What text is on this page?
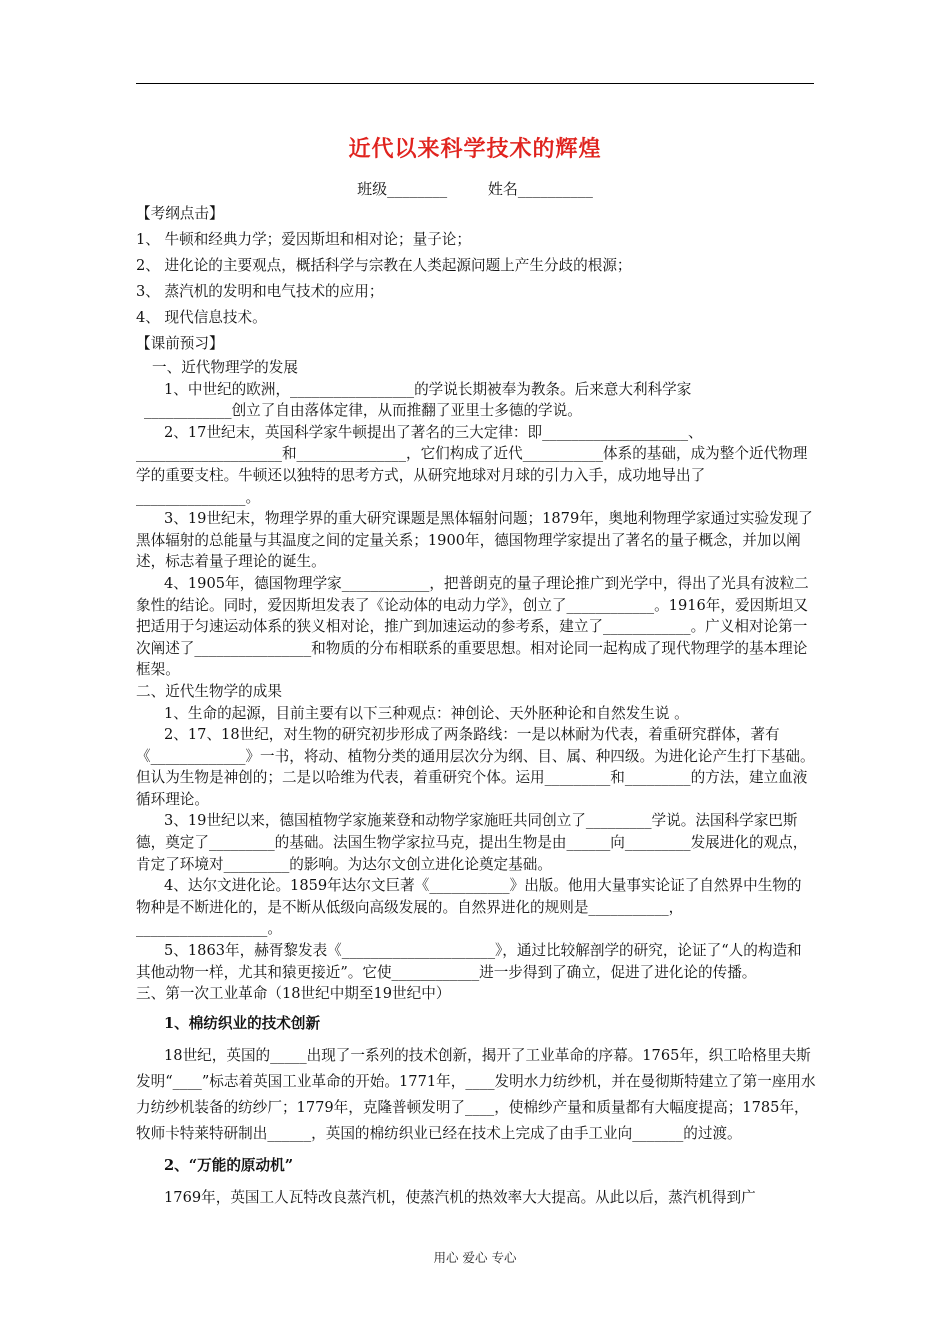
近代以来科学技术的辉煌
班级________	姓名__________

【考纲点击】

1、 牛顿和经典力学；爱因斯坦和相对论；量子论；

2、 进化论的主要观点，概括科学与宗教在人类起源问题上产生分歧的根源；

3、 蒸汽机的发明和电气技术的应用；

4、 现代信息技术。

【课前预习】

一、近代物理学的发展

1、中世纪的欧洲，_________________的学说长期被奉为教条。后来意大利科学家

____________创立了自由落体定律，从而推翻了亚里士多德的学说。

2、17世纪末，英国科学家牛顿提出了著名的三大定律：即____________________、____________________和_______________，它们构成了近代___________体系的基础，成为整个近代物理学的重要支柱。牛顿还以独特的思考方式，从研究地球对月球的引力入手，成功地导出了_______________。

3、19世纪末，物理学界的重大研究课题是黑体辐射问题；1879年，奥地利物理学家通过实验发现了黑体辐射的总能量与其温度之间的定量关系；1900年，德国物理学家提出了著名的量子概念，并加以阐述，标志着量子理论的诞生。

4、1905年，德国物理学家____________，把普朗克的量子理论推广到光学中，得出了光具有波粒二象性的结论。同时，爱因斯坦发表了《论动体的电动力学》，创立了____________。1916年，爱因斯坦又把适用于匀速运动体系的狭义相对论，推广到加速运动的参考系，建立了____________。广义相对论第一次阐述了________________和物质的分布相联系的重要思想。相对论同一起构成了现代物理学的基本理论框架。

二、近代生物学的成果

1、生命的起源，目前主要有以下三种观点：神创论、天外胚种论和自然发生说 。

2、17、18世纪，对生物的研究初步形成了两条路线：一是以林耐为代表，着重研究群体，著有《_____________》一书，将动、植物分类的通用层次分为纲、目、属、种四级。为进化论产生打下基础。但认为生物是神创的；二是以哈维为代表，着重研究个体。运用_________和_________的方法，建立血液循环理论。

3、19世纪以来，德国植物学家施莱登和动物学家施旺共同创立了_________学说。法国科学家巴斯德，奠定了_________的基础。法国生物学家拉马克，提出生物是由______向_________发展进化的观点，肯定了环境对_________的影响。为达尔文创立进化论奠定基础。

4、达尔文进化论。1859年达尔文巨著《___________》出版。他用大量事实论证了自然界中生物的物种是不断进化的，是不断从低级向高级发展的。自然界进化的规则是___________，__________________。

5、1863年，赫胥黎发表《_____________________》，通过比较解剖学的研究，论证了“人的构造和其他动物一样，尤其和猿更接近”。它使____________进一步得到了确立，促进了进化论的传播。

三、第一次工业革命（18世纪中期至19世纪中）

1、棉纺织业的技术创新

18世纪，英国的_____出现了一系列的技术创新，揭开了工业革命的序幕。1765年，织工哈格里夫斯发明“____”标志着英国工业革命的开始。1771年，____发明水力纺纱机，并在曼彻斯特建立了第一座用水力纺纱机装备的纺纱厂；1779年，克隆普顿发明了____，使棉纱产量和质量都有大幅度提高；1785年，牧师卡特莱特研制出______，英国的棉纺织业已经在技术上完成了由手工业向_______的过渡。

2、“万能的原动机”

1769年，英国工人瓦特改良蒸汽机，使蒸汽机的热效率大大提高。从此以后，蒸汽机得到广

用心 爱心 专心
